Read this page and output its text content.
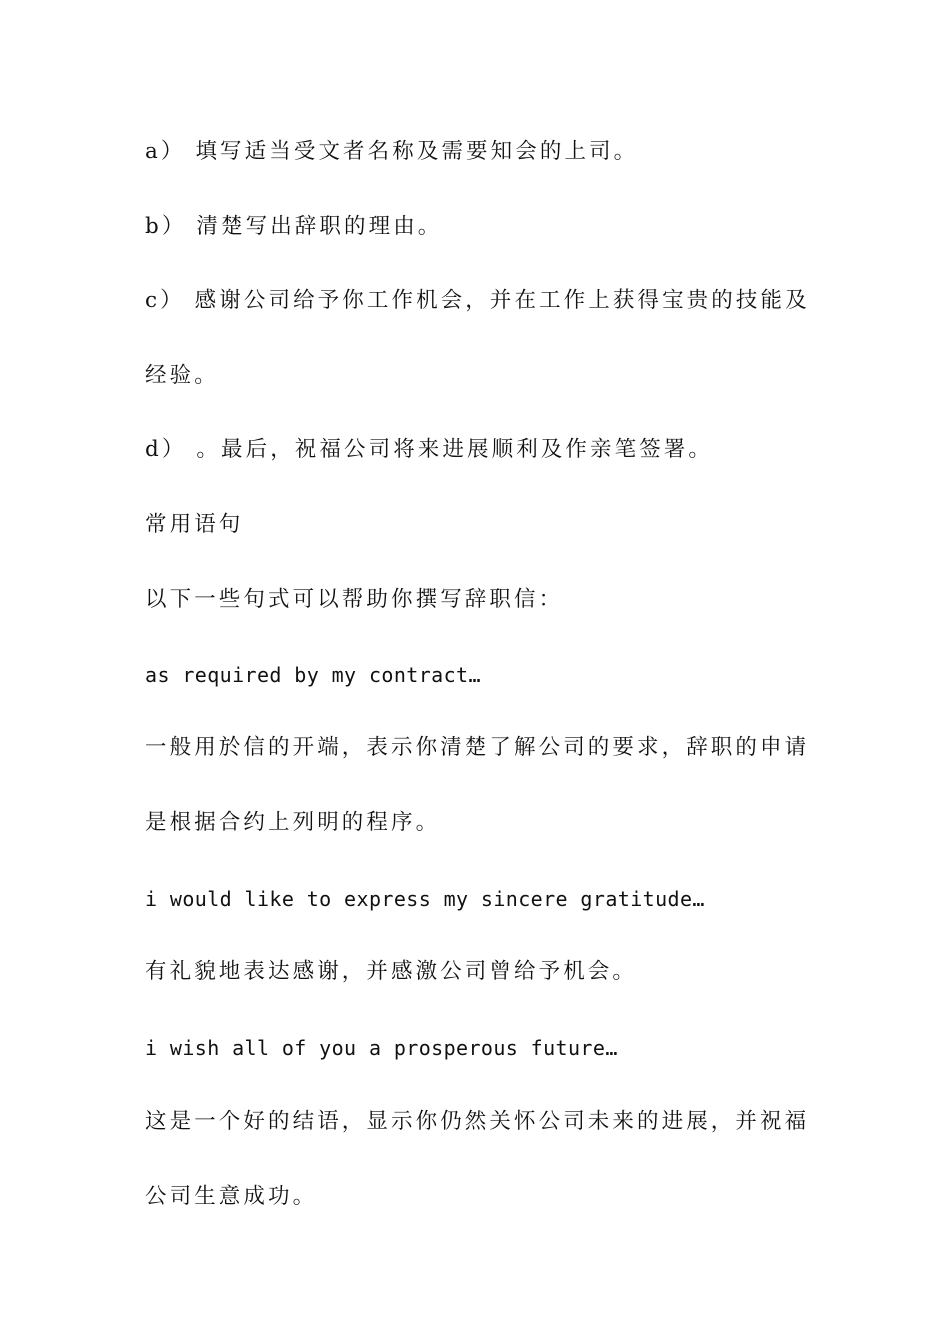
a） 填写适当受文者名称及需要知会的上司。
b） 清楚写出辞职的理由。
c） 感谢公司给予你工作机会，并在工作上获得宝贵的技能及
经验。
d） 。最后，祝福公司将来进展顺利及作亲笔签署。
常用语句
以下一些句式可以帮助你撰写辞职信：
as required by my contract…
一般用於信的开端，表示你清楚了解公司的要求，辞职的申请
是根据合约上列明的程序。
i would like to express my sincere gratitude…
有礼貌地表达感谢，并感激公司曾给予机会。
i wish all of you a prosperous future…
这是一个好的结语，显示你仍然关怀公司未来的进展，并祝福
公司生意成功。
